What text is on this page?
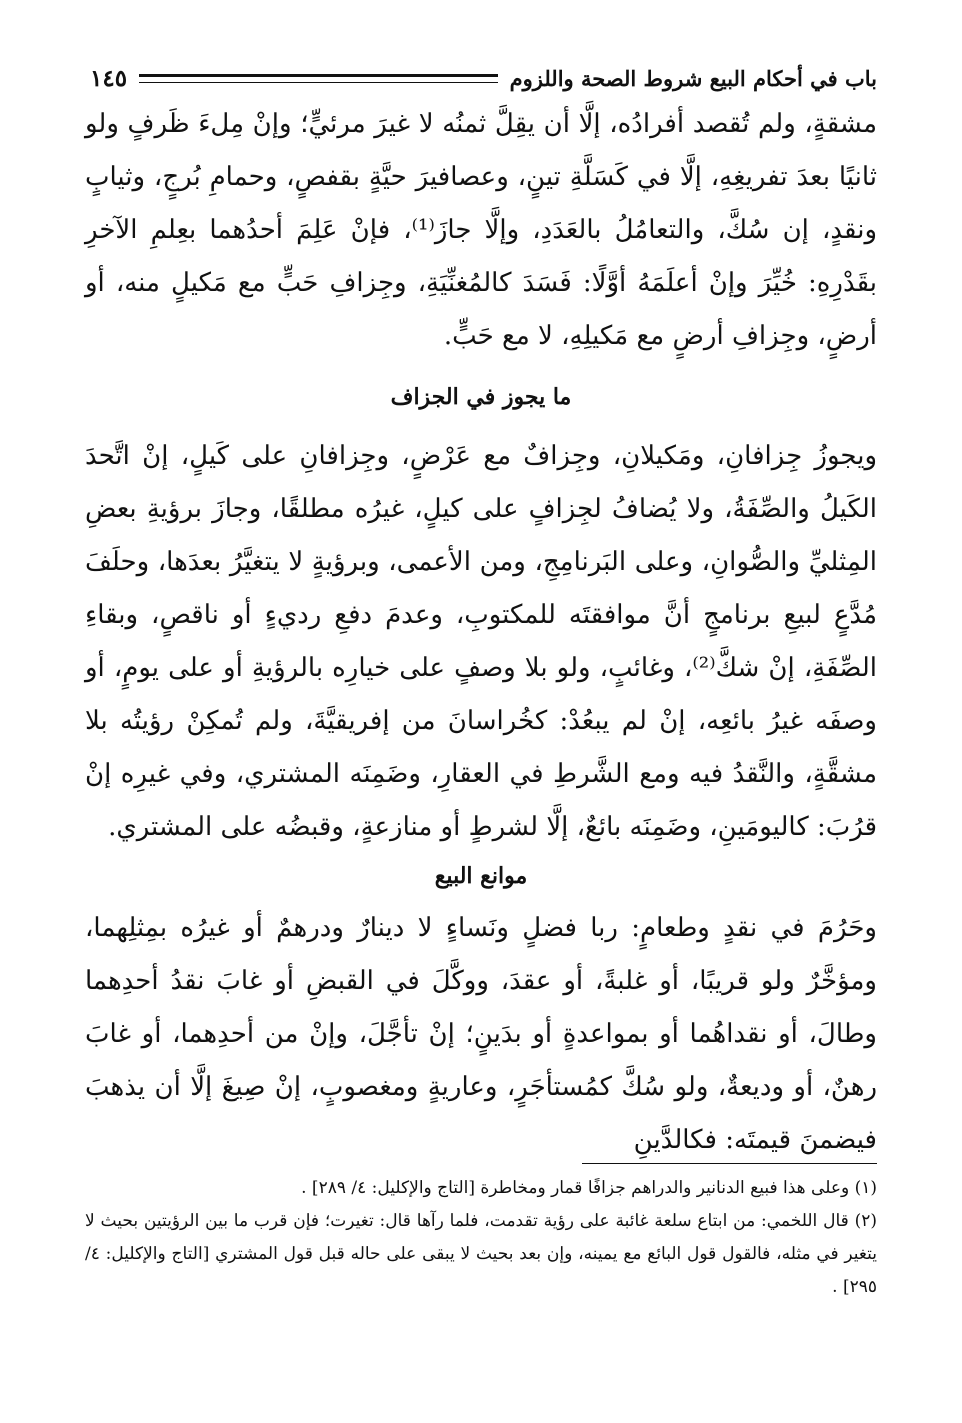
باب في أحكام البيع شروط الصحة واللزوم
١٤٥

مشقةٍ، ولم تُقصد أفرادُه، إلَّا أن يقِلَّ ثمنُه لا غيرَ مرئيٍّ؛ وإنْ مِلءَ ظَرفٍ ولو ثانيًا بعدَ تفريغِهِ، إلَّا في كَسَلَّةِ تينٍ، وعصافيرَ حيَّةٍ بقفصٍ، وحمامِ بُرجٍ، وثيابٍ ونقدٍ، إن سُكَّ، والتعامُلُ بالعَدَدِ، وإلَّا جازَ⁽¹⁾، فإنْ عَلِمَ أحدُهما بعِلمِ الآخرِ بقَدْرِهِ: خُيِّرَ وإنْ أعلَمَهُ أوَّلًا: فَسَدَ كالمُغنِّيَةِ، وجِزافِ حَبٍّ مع مَكيلٍ منه، أو أرضٍ، وجِزافِ أرضٍ مع مَكيلِهِ، لا مع حَبٍّ.

ما يجوز في الجزاف

ويجوزُ جِزافانِ، ومَكيلانِ، وجِزافٌ مع عَرْضٍ، وجِزافانِ على كَيلٍ، إنْ اتَّحدَ الكَيلُ والصِّفَةُ، ولا يُضافُ لجِزافٍ على كيلٍ، غيرُه مطلقًا، وجازَ برؤيةِ بعضِ المِثليِّ والصُّوانِ، وعلى البَرنامِجِ، ومن الأعمى، وبرؤيةٍ لا يتغيَّرُ بعدَها، وحلَفَ مُدَّعٍ لبيعِ برنامجٍ أنَّ موافقتَه للمكتوبِ، وعدمَ دفعِ رديءٍ أو ناقصٍ، وبقاءِ الصِّفَةِ، إنْ شكَّ⁽²⁾، وغائبٍ، ولو بلا وصفٍ على خيارِه بالرؤيةِ أو على يومٍ، أو وصفَه غيرُ بائعِه، إنْ لم يبعُدْ: كخُراسانَ من إفريقيَّةَ، ولم تُمكِنْ رؤيتُه بلا مشقَّةٍ، والنَّقدُ فيه ومع الشَّرطِ في العقارِ، وضَمِنَه المشتري، وفي غيرِه إنْ قرُبَ: كاليومَينِ، وضَمِنَه بائعٌ، إلَّا لشرطٍ أو منازعةٍ، وقبضُه على المشتري.

موانع البيع

وحَرُمَ في نقدٍ وطعامٍ: ربا فضلٍ ونَساءٍ لا دينارٌ ودرهمٌ أو غيرُه بمِثلِهما، ومؤخَّرٌ ولو قريبًا، أو غلبةً، أو عقدَ، ووكَّلَ في القبضِ أو غابَ نقدُ أحدِهما وطالَ، أو نقداهُما أو بمواعدةٍ أو بدَينٍ؛ إنْ تأجَّلَ، وإنْ من أحدِهما، أو غابَ رهنٌ، أو وديعةٌ، ولو سُكَّ كمُستأجَرٍ، وعاريةٍ ومغصوبٍ، إنْ صِيغَ إلَّا أن يذهبَ فيضمنَ قيمتَه: فكالدَّينِ

(١) وعلى هذا فبيع الدنانير والدراهم جزافًا قمار ومخاطرة [التاج والإكليل: ٤/ ٢٨٩] .

(٢) قال اللخمي: من ابتاع سلعة غائبة على رؤية تقدمت، فلما رآها قال: تغيرت؛ فإن قرب ما بين الرؤيتين بحيث لا يتغير في مثله، فالقول قول البائع مع يمينه، وإن بعد بحيث لا يبقى على حاله قبل قول المشتري [التاج والإكليل: ٤/ ٢٩٥] .
